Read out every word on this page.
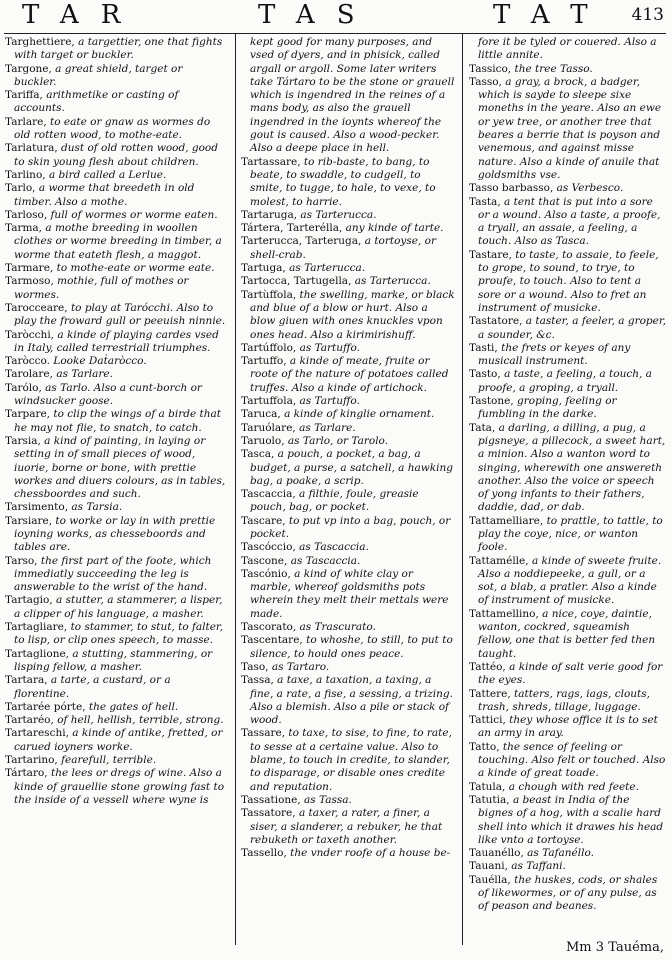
TAR	TAS	TAT 413

Targhettiere, a targettier, one that fights with target or buckler.

Targone, a great shield, target or buckler.

Tariffa, arithmetike or casting of accounts.

Tarlare, to eate or gnaw as wormes do old rotten wood, to mothe-eate.

Tarlatura, dust of old rotten wood, good to skin young flesh about children.

Tarlino, a bird called a Lerlue.

Tarlo, a worme that breedeth in old timber. Also a mothe.

Tarloso, full of wormes or worme eaten.

Tarma, a mothe breeding in woollen clothes or worme breeding in timber, a worme that eateth flesh, a maggot.

Tarmare, to mothe-eate or worme eate.

Tarmoso, mothie, full of mothes or wormes.

Tarocceare, to play at Tarócchi. Also to play the froward gull or peeuish ninnie.

Taròcchi, a kinde of playing cardes vsed in Italy, called terrestriall triumphes.

Taròcco. Looke Daṫaròcco.

Tarolare, as Tarlare.

Tarólo, as Tarlo. Also a cunt-borch or windsucker goose.

Tarpare, to clip the wings of a birde that he may not flie, to snatch, to catch.

Tarsia, a kind of painting, in laying or setting in of small pieces of wood, iuorie, borne or bone, with prettie workes and diuers colours, as in tables, chessboordes and such.

Tarsimento, as Tarsia.

Tarsiare, to worke or lay in with prettie ioyning works, as chesseboords and tables are.

Tarso, the first part of the foote, which immediatly succeeding the leg is answerable to the wrist of the hand.

Tartagio, a stutter, a stammerer, a lisper, a clipper of his language, a masher.

Tartagliare, to stammer, to stut, to falter, to lisp, or clip ones speech, to masse.

Tartaglione, a stutting, stammering, or lisping fellow, a masher.

Tartara, a tarte, a custard, or a florentine.

Tartarée pórte, the gates of hell.

Tartaréo, of hell, hellish, terrible, strong.

Tartareschi, a kinde of antike, fretted, or carued ioyners worke.

Tartarino, fearefull, terrible.

Tártaro, the lees or dregs of wine. Also a kinde of grauellie stone growing fast to the inside of a vessell where wyne is

kept good for many purposes, and vsed of dyers, and in phisick, called argall or argoll. Some later writers take Tártaro to be the stone or grauell which is ingendred in the reines of a mans body, as also the grauell ingendred in the ioynts whereof the gout is caused. Also a wood-pecker. Also a deepe place in hell.

Tartassare, to rib-baste, to bang, to beate, to swaddle, to cudgell, to smite, to tugge, to hale, to vexe, to molest, to harrie.

Tartaruga, as Tarterucca.

Tártera, Tarterélla, any kinde of tarte.

Tarterucca, Tarteruga, a tortoyse, or shell-crab.

Tartuga, as Tarterucca.

Tartocca, Tartugella, as Tarterucca.

Tartùffola, the swelling, marke, or black and blue of a blow or hurt. Also a blow giuen with ones knuckles vpon ones head. Also a kirimirishuff.

Tartúffolo, as Tartuffo.

Tartuffo, a kinde of meate, fruite or roote of the nature of potatoes called truffes. Also a kinde of artichock.

Tartuffola, as Tartuffo.

Taruca, a kinde of kinglie ornament.

Taruólare, as Tarlare.

Taruolo, as Tarlo, or Tarolo.

Tasca, a pouch, a pocket, a bag, a budget, a purse, a satchell, a hawking bag, a poake, a scrip.

Tascaccia, a filthie, foule, greasie pouch, bag, or pocket.

Tascare, to put vp into a bag, pouch, or pocket.

Tascóccio, as Tascaccia.

Tascone, as Tascaccia.

Tascónio, a kind of white clay or marble, whereof goldsmiths pots wherein they melt their mettals were made.

Tascorato, as Trascurato.

Tascentare, to whoshe, to still, to put to silence, to hould ones peace.

Taso, as Tartaro.

Tassa, a taxe, a taxation, a taxing, a fine, a rate, a fise, a sessing, a trizing. Also a blemish. Also a pile or stack of wood.

Tassare, to taxe, to sise, to fine, to rate, to sesse at a certaine value. Also to blame, to touch in credite, to slander, to disparage, or disable ones credite and reputation.

Tassatione, as Tassa.

Tassatore, a taxer, a rater, a finer, a siser, a slanderer, a rebuker, he that rebuketh or taxeth another.

Tassello, the vnder roofe of a house be-

fore it be tyled or couered. Also a little annite.

Tassico, the tree Tasso.

Tasso, a gray, a brock, a badger, which is sayde to sleepe sixe moneths in the yeare. Also an ewe or yew tree, or another tree that beares a berrie that is poyson and venemous, and against misse nature. Also a kinde of anuile that goldsmiths vse.

Tasso barbasso, as Verbesco.

Tasta, a tent that is put into a sore or a wound. Also a taste, a proofe, a tryall, an assaie, a feeling, a touch. Also as Tasca.

Tastare, to taste, to assaie, to feele, to grope, to sound, to trye, to proufe, to touch. Also to tent a sore or a wound. Also to fret an instrument of musicke.

Tastatore, a taster, a feeler, a groper, a sounder, &c.

Tasti, the frets or keyes of any musicall instrument.

Tasto, a taste, a feeling, a touch, a proofe, a groping, a tryall.

Tastone, groping, feeling or fumbling in the darke.

Tata, a darling, a dilling, a pug, a pigsneye, a pillecock, a sweet hart, a minion. Also a wanton word to singing, wherewith one answereth another. Also the voice or speech of yong infants to their fathers, daddie, dad, or dab.

Tattamelliare, to prattle, to tattle, to play the coye, nice, or wanton foole.

Tattamélle, a kinde of sweete fruite. Also a noddiepeeke, a gull, or a sot, a blab, a pratler. Also a kinde of instrument of musicke.

Tattamellino, a nice, coye, daintie, wanton, cockred, squeamish fellow, one that is better fed then taught.

Tattéo, a kinde of salt verie good for the eyes.

Tattere, tatters, rags, iags, clouts, trash, shreds, tillage, luggage.

Tattici, they whose office it is to set an army in aray.

Tatto, the sence of feeling or touching. Also felt or touched. Also a kinde of great toade.

Tatula, a chough with red feete.

Tatutia, a beast in India of the bignes of a hog, with a scalie hard shell into which it drawes his head like vnto a tortoyse.

Tauanéllo, as Tafanéllo.

Tauani, as Taffani.

Tauélla, the huskes, cods, or shales of likewormes, or of any pulse, as of peason and beanes.

Mm 3 Tauéma,
